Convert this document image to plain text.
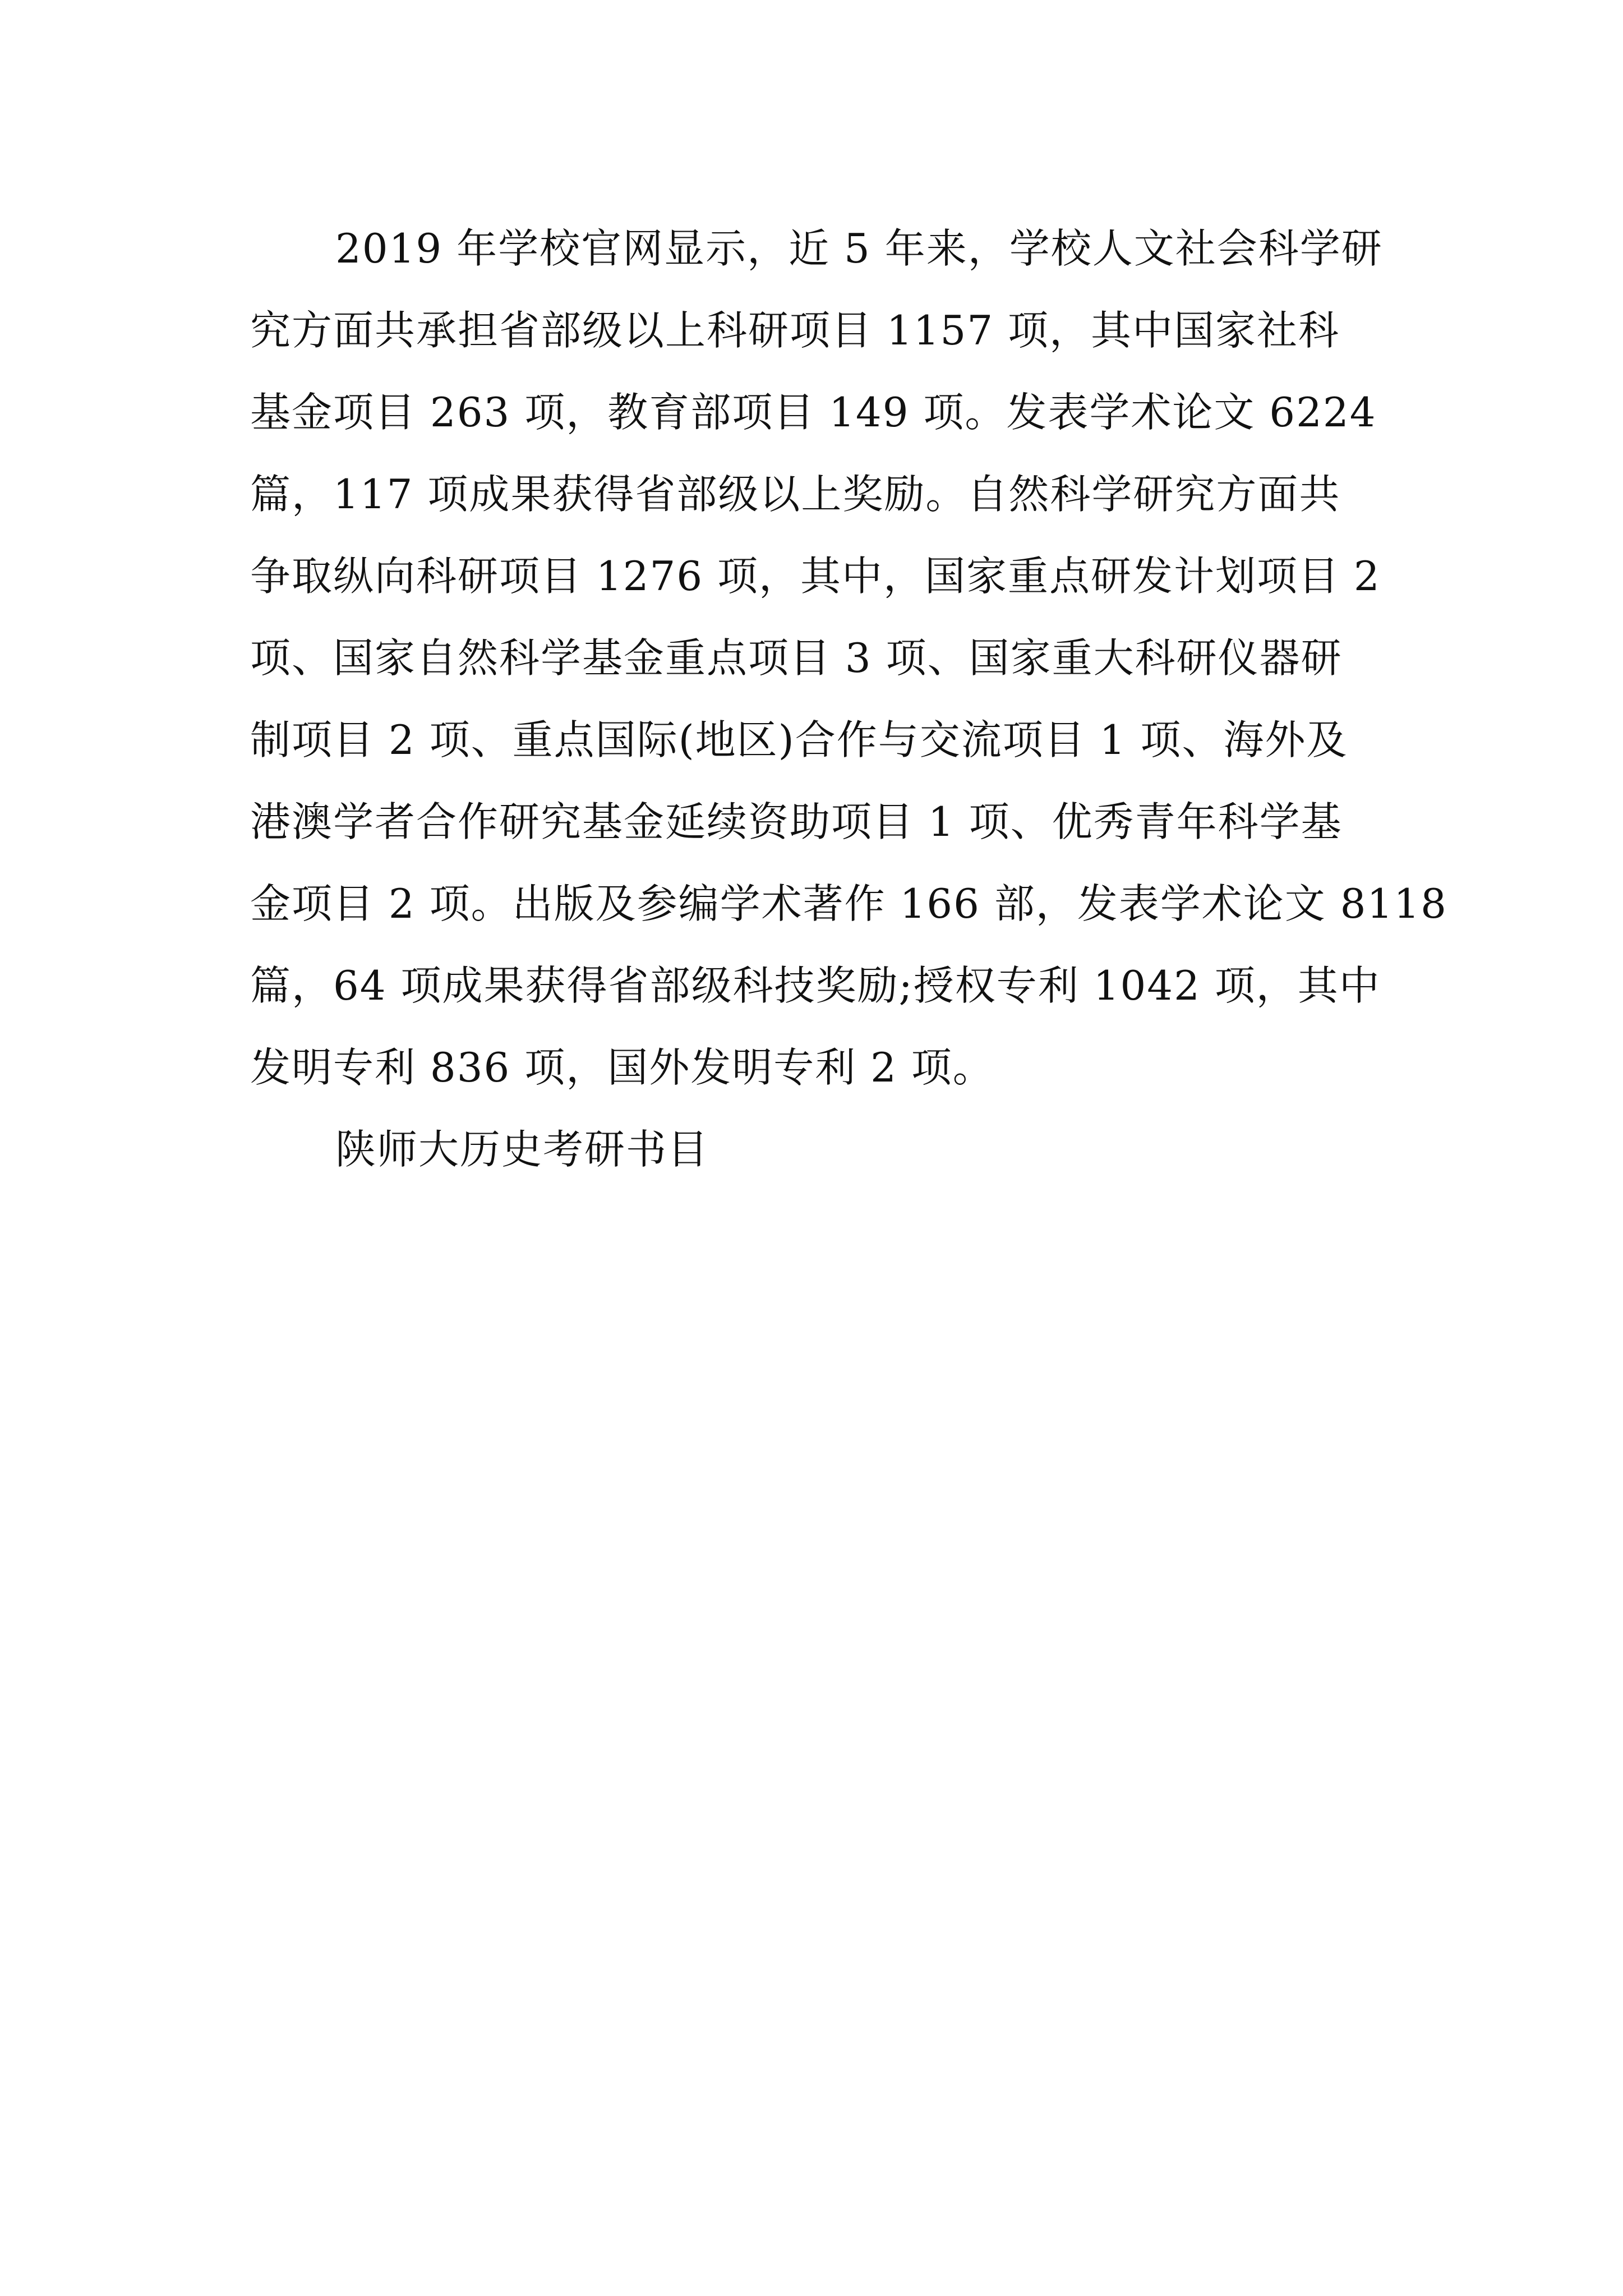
2019 年学校官网显示，近 5 年来，学校人文社会科学研
究方面共承担省部级以上科研项目 1157 项，其中国家社科
基金项目 263 项，教育部项目 149 项。发表学术论文 6224
篇，117 项成果获得省部级以上奖励。自然科学研究方面共
争取纵向科研项目 1276 项，其中，国家重点研发计划项目 2
项、国家自然科学基金重点项目 3 项、国家重大科研仪器研
制项目 2 项、重点国际(地区)合作与交流项目 1 项、海外及
港澳学者合作研究基金延续资助项目 1 项、优秀青年科学基
金项目 2 项。出版及参编学术著作 166 部，发表学术论文 8118
篇，64 项成果获得省部级科技奖励;授权专利 1042 项，其中
发明专利 836 项，国外发明专利 2 项。
陕师大历史考研书目
